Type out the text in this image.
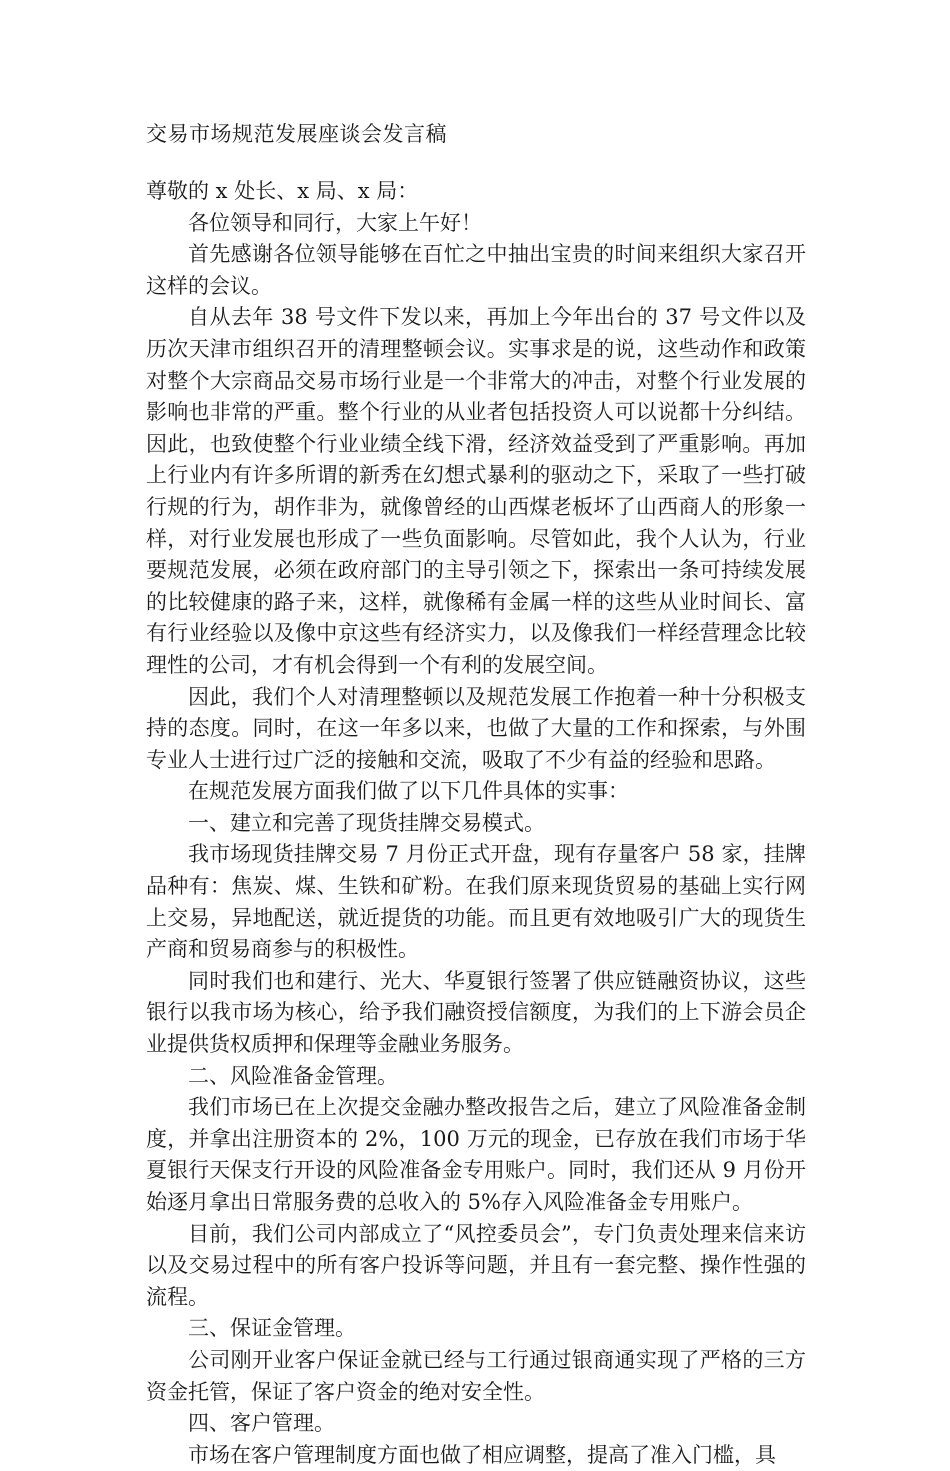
交易市场规范发展座谈会发言稿

尊敬的 x 处长、x 局、x 局：

各位领导和同行，大家上午好！

首先感谢各位领导能够在百忙之中抽出宝贵的时间来组织大家召开这样的会议。

自从去年 38 号文件下发以来，再加上今年出台的 37 号文件以及历次天津市组织召开的清理整顿会议。实事求是的说，这些动作和政策对整个大宗商品交易市场行业是一个非常大的冲击，对整个行业发展的影响也非常的严重。整个行业的从业者包括投资人可以说都十分纠结。因此，也致使整个行业业绩全线下滑，经济效益受到了严重影响。再加上行业内有许多所谓的新秀在幻想式暴利的驱动之下，采取了一些打破行规的行为，胡作非为，就像曾经的山西煤老板坏了山西商人的形象一样，对行业发展也形成了一些负面影响。尽管如此，我个人认为，行业要规范发展，必须在政府部门的主导引领之下，探索出一条可持续发展的比较健康的路子来，这样，就像稀有金属一样的这些从业时间长、富有行业经验以及像中京这些有经济实力，以及像我们一样经营理念比较理性的公司，才有机会得到一个有利的发展空间。

因此，我们个人对清理整顿以及规范发展工作抱着一种十分积极支持的态度。同时，在这一年多以来，也做了大量的工作和探索，与外围专业人士进行过广泛的接触和交流，吸取了不少有益的经验和思路。

在规范发展方面我们做了以下几件具体的实事：

一、建立和完善了现货挂牌交易模式。

我市场现货挂牌交易 7 月份正式开盘，现有存量客户 58 家，挂牌品种有：焦炭、煤、生铁和矿粉。在我们原来现货贸易的基础上实行网上交易，异地配送，就近提货的功能。而且更有效地吸引广大的现货生产商和贸易商参与的积极性。

同时我们也和建行、光大、华夏银行签署了供应链融资协议，这些银行以我市场为核心，给予我们融资授信额度，为我们的上下游会员企业提供货权质押和保理等金融业务服务。

二、风险准备金管理。

我们市场已在上次提交金融办整改报告之后，建立了风险准备金制度，并拿出注册资本的 2%，100 万元的现金，已存放在我们市场于华夏银行天保支行开设的风险准备金专用账户。同时，我们还从 9 月份开始逐月拿出日常服务费的总收入的 5%存入风险准备金专用账户。

目前，我们公司内部成立了“风控委员会”，专门负责处理来信来访以及交易过程中的所有客户投诉等问题，并且有一套完整、操作性强的流程。

三、保证金管理。

公司刚开业客户保证金就已经与工行通过银商通实现了严格的三方资金托管，保证了客户资金的绝对安全性。

四、客户管理。

市场在客户管理制度方面也做了相应调整，提高了准入门槛，具
